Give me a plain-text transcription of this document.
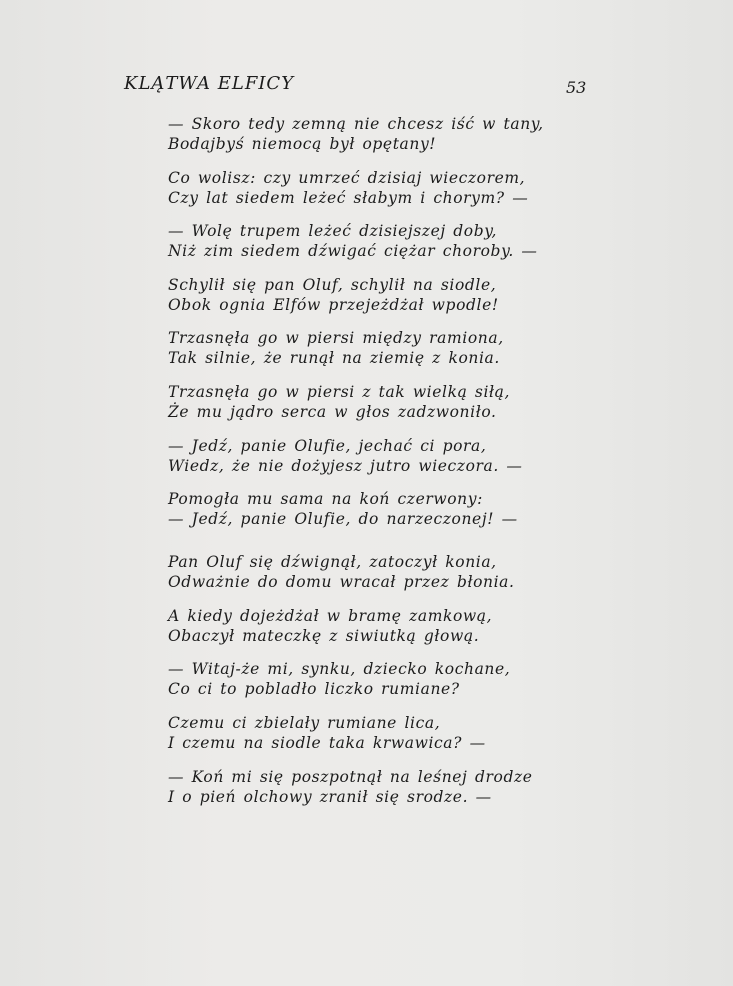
KLĄTWA ELFICY	53
— Skoro tedy zemną nie chcesz iść w tany,
Bodajbyś niemocą był opętany!
Co wolisz: czy umrzeć dzisiaj wieczorem,
Czy lat siedem leżeć słabym i chorym? —
— Wolę trupem leżeć dzisiejszej doby,
Niż zim siedem dźwigać ciężar choroby. —
Schylił się pan Oluf, schylił na siodle,
Obok ognia Elfów przejeżdżał wpodle!
Trzasnęła go w piersi między ramiona,
Tak silnie, że runął na ziemię z konia.
Trzasnęła go w piersi z tak wielką siłą,
Że mu jądro serca w głos zadzwoniło.
— Jedź, panie Olufie, jechać ci pora,
Wiedz, że nie dożyjesz jutro wieczora. —
Pomogła mu sama na koń czerwony:
— Jedź, panie Olufie, do narzeczonej! —
Pan Oluf się dźwignął, zatoczył konia,
Odważnie do domu wracał przez błonia.
A kiedy dojeżdżał w bramę zamkową,
Obaczył mateczkę z siwiutką głową.
— Witaj-że mi, synku, dziecko kochane,
Co ci to pobladło liczko rumiane?
Czemu ci zbielały rumiane lica,
I czemu na siodle taka krwawica? —
— Koń mi się poszpotnął na leśnej drodze
I o pień olchowy zranił się srodze. —
